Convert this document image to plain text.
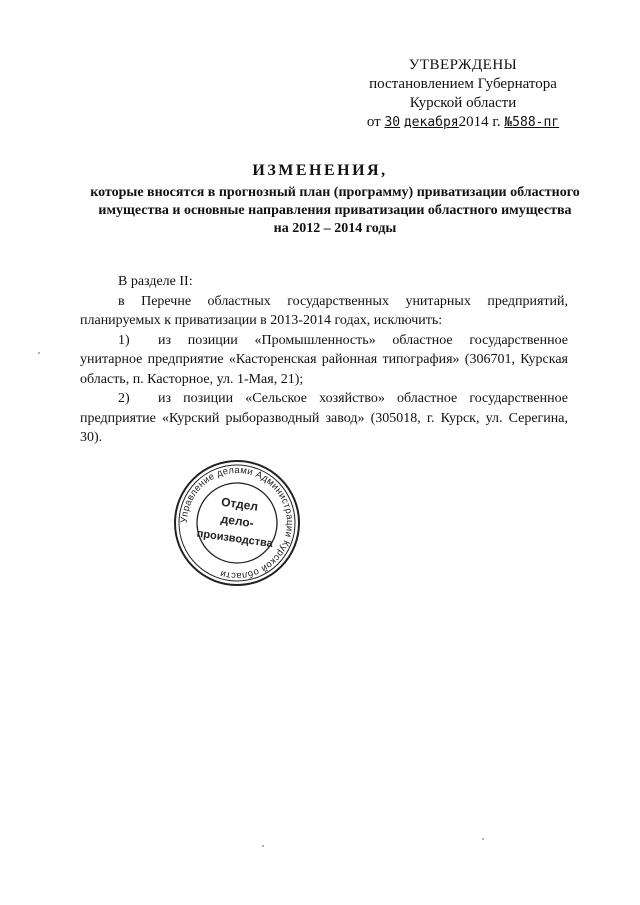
УТВЕРЖДЕНЫ
постановлением Губернатора
Курской области
от 30 декабря2014 г. №588-пг
ИЗМЕНЕНИЯ,
которые вносятся в прогнозный план (программу) приватизации областного имущества и основные направления приватизации областного имущества на 2012 – 2014 годы

В разделе II:

в Перечне областных государственных унитарных предприятий, планируемых к приватизации в 2013-2014 годах, исключить:

1) из позиции «Промышленность» областное государственное унитарное предприятие «Касторенская районная типография» (306701, Курская область, п. Касторное, ул. 1-Мая, 21);

2) из позиции «Сельское хозяйство» областное государственное предприятие «Курский рыборазводный завод» (305018, г. Курск, ул. Серегина, 30).

Управление делами Администрации Курской области
Отдел
дело-
производства
